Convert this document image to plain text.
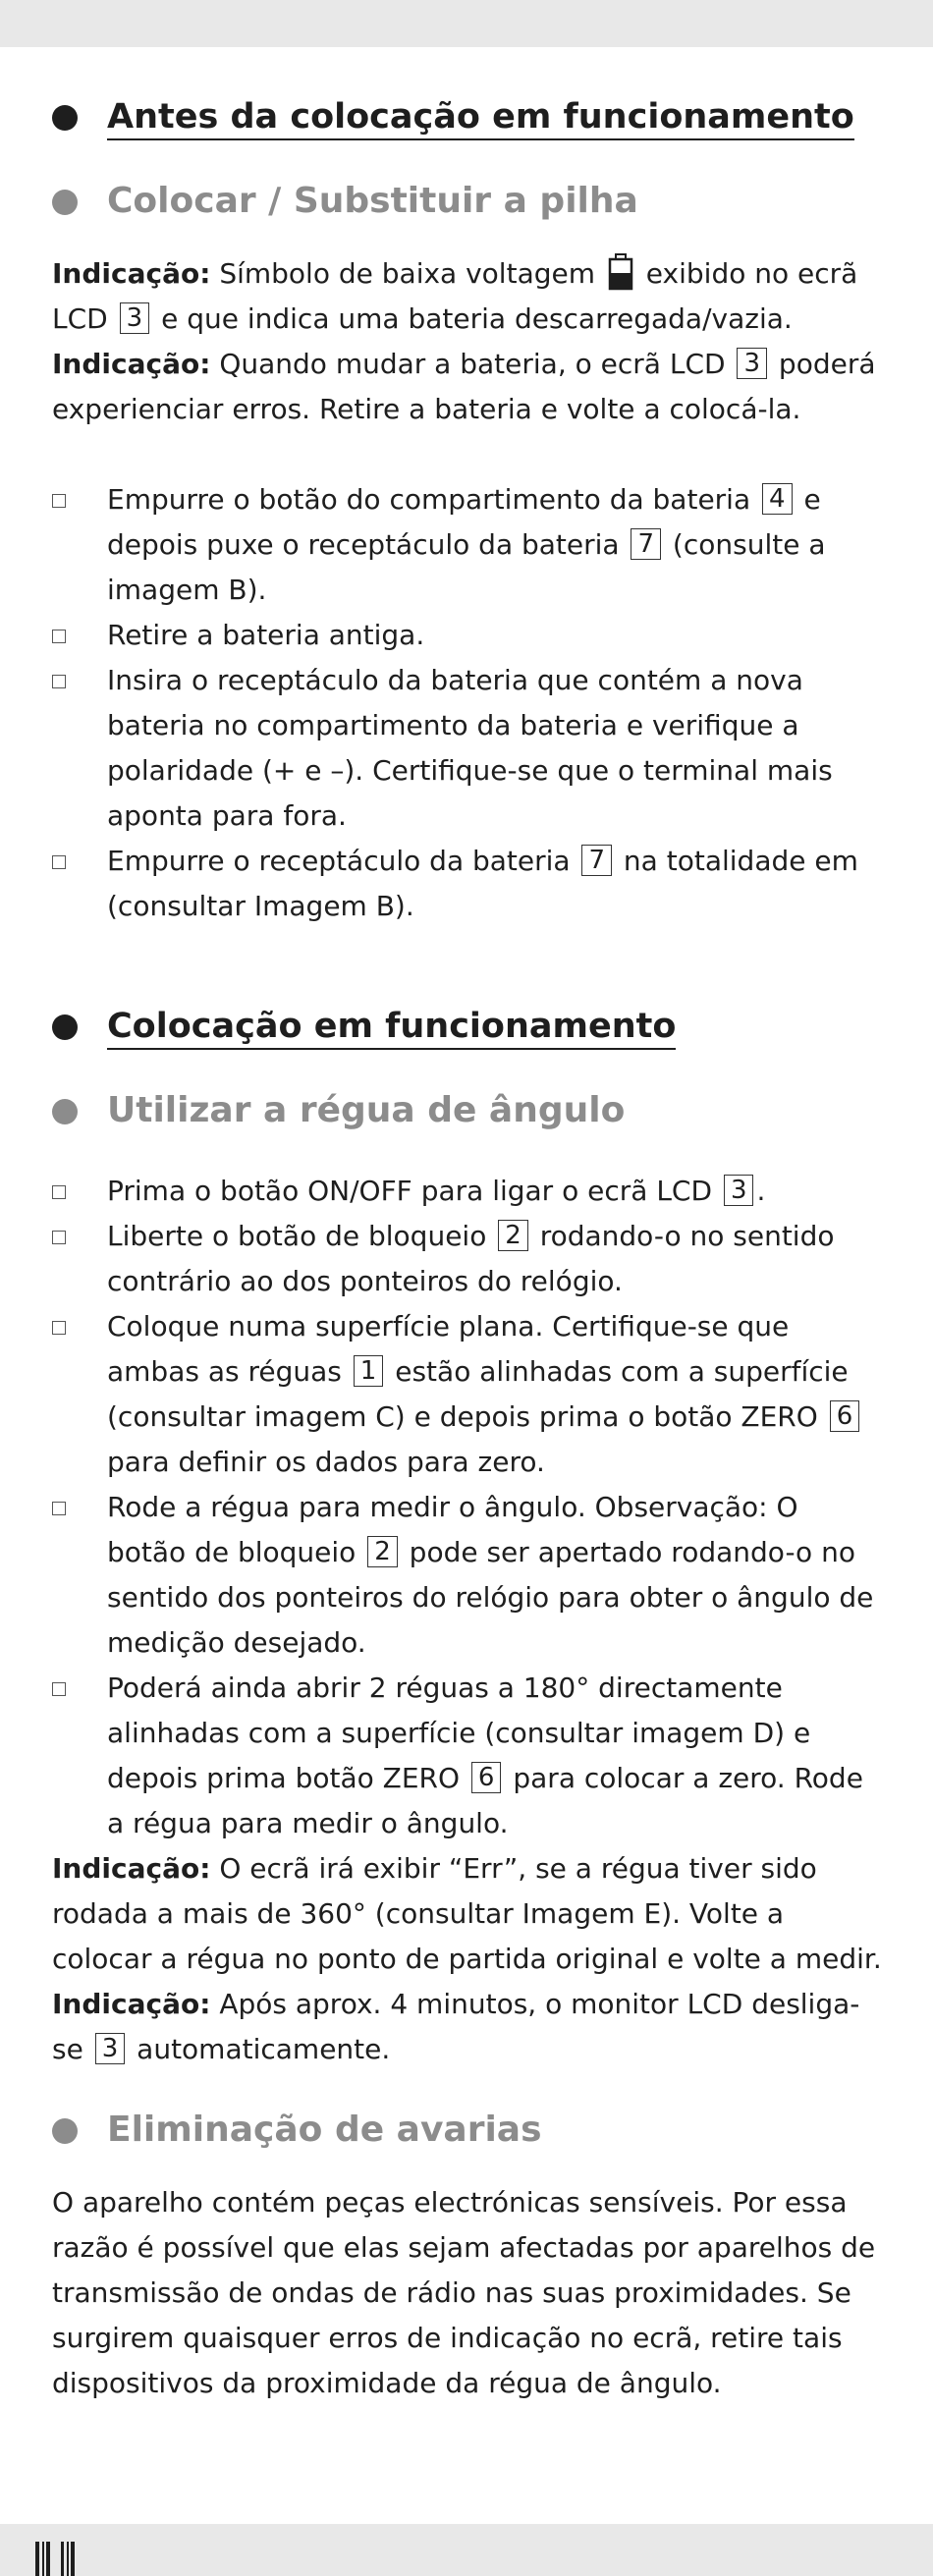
Antes da colocação em funcionamento
Colocar / Substituir a pilha

Indicação: Símbolo de baixa voltagem  exibido no ecrã LCD 3 e que indica uma bateria descarregada/vazia.

Indicação: Quando mudar a bateria, o ecrã LCD 3 poderá experienciar erros. Retire a bateria e volte a colocá-la.

Empurre o botão do compartimento da bateria 4 e depois puxe o receptáculo da bateria 7 (consulte a imagem B).
Retire a bateria antiga.
Insira o receptáculo da bateria que contém a nova bateria no compartimento da bateria e verifique a polaridade (+ e –). Certifique-se que o terminal mais aponta para fora.
Empurre o receptáculo da bateria 7 na totalidade em (consultar Imagem B).
Colocação em funcionamento
Utilizar a régua de ângulo
Prima o botão ON/OFF para ligar o ecrã LCD 3 .
Liberte o botão de bloqueio 2 rodando-o no sentido contrário ao dos ponteiros do relógio.
Coloque numa superfície plana. Certifique-se que ambas as réguas 1 estão alinhadas com a superfície (consultar imagem C) e depois prima o botão ZERO 6 para definir os dados para zero.
Rode a régua para medir o ângulo. Observação: O botão de bloqueio 2 pode ser apertado rodando-o no sentido dos ponteiros do relógio para obter o ângulo de medição desejado.
Poderá ainda abrir 2 réguas a 180° directamente alinhadas com a superfície (consultar imagem D) e depois prima botão ZERO 6 para colocar a zero. Rode a régua para medir o ângulo.

Indicação: O ecrã irá exibir “Err”, se a régua tiver sido rodada a mais de 360° (consultar Imagem E). Volte a colocar a régua no ponto de partida original e volte a medir.

Indicação: Após aprox. 4 minutos, o monitor LCD desliga-se 3 automaticamente.

Eliminação de avarias

O aparelho contém peças electrónicas sensíveis. Por essa razão é possível que elas sejam afectadas por aparelhos de transmissão de ondas de rádio nas suas proximidades. Se surgirem quaisquer erros de indicação no ecrã, retire tais dispositivos da proximidade da régua de ângulo.
